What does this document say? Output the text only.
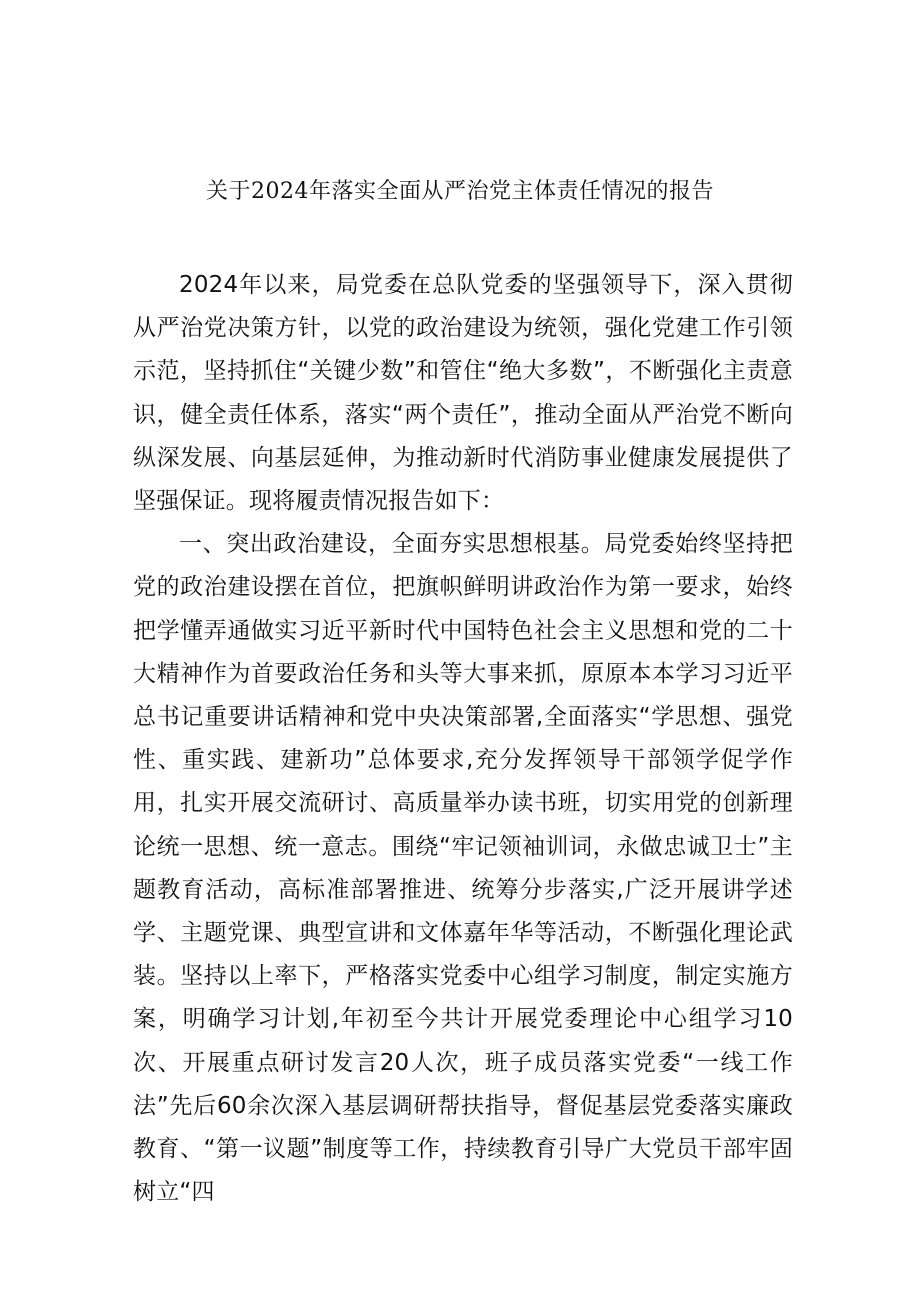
关于2024年落实全面从严治党主体责任情况的报告

2024年以来，局党委在总队党委的坚强领导下，深入贯彻从严治党决策方针，以党的政治建设为统领，强化党建工作引领示范，坚持抓住“关键少数”和管住“绝大多数”，不断强化主责意识，健全责任体系，落实“两个责任”，推动全面从严治党不断向纵深发展、向基层延伸，为推动新时代消防事业健康发展提供了坚强保证。现将履责情况报告如下：

一、突出政治建设，全面夯实思想根基。局党委始终坚持把党的政治建设摆在首位，把旗帜鲜明讲政治作为第一要求，始终把学懂弄通做实习近平新时代中国特色社会主义思想和党的二十大精神作为首要政治任务和头等大事来抓，原原本本学习习近平总书记重要讲话精神和党中央决策部署,全面落实“学思想、强党性、重实践、建新功”总体要求,充分发挥领导干部领学促学作用，扎实开展交流研讨、高质量举办读书班，切实用党的创新理论统一思想、统一意志。围绕“牢记领袖训词，永做忠诚卫士”主题教育活动，高标准部署推进、统筹分步落实,广泛开展讲学述学、主题党课、典型宣讲和文体嘉年华等活动，不断强化理论武装。坚持以上率下，严格落实党委中心组学习制度，制定实施方案，明确学习计划,年初至今共计开展党委理论中心组学习10次、开展重点研讨发言20人次，班子成员落实党委“一线工作法”先后60余次深入基层调研帮扶指导，督促基层党委落实廉政教育、“第一议题”制度等工作，持续教育引导广大党员干部牢固树立“四
